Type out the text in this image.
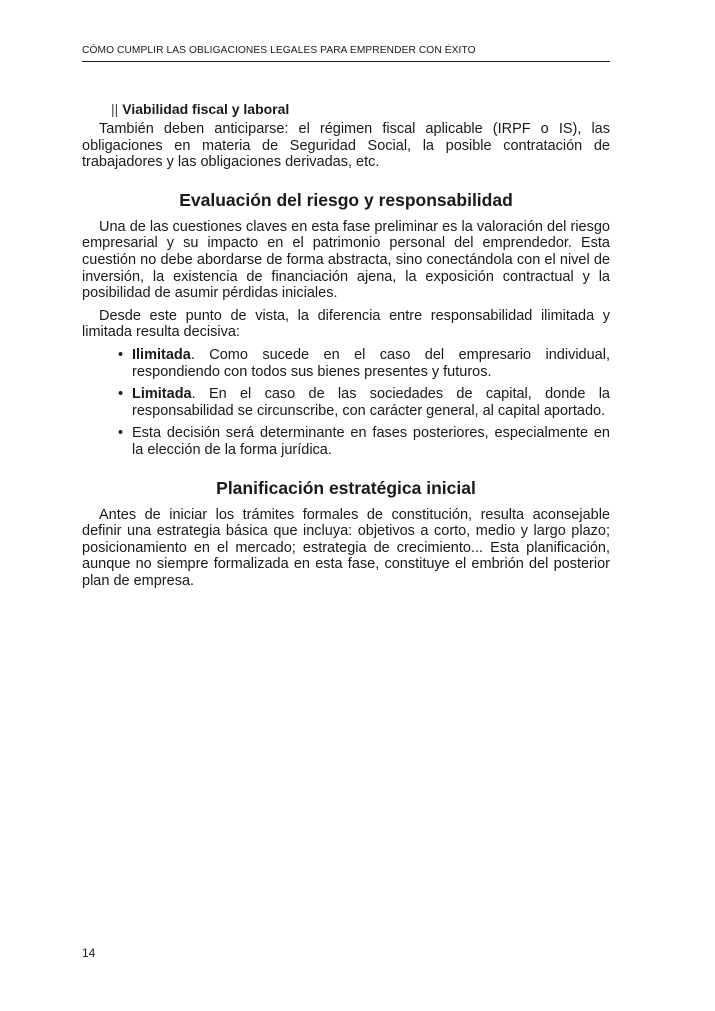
CÓMO CUMPLIR LAS OBLIGACIONES LEGALES PARA EMPRENDER CON ÉXITO
|| Viabilidad fiscal y laboral

También deben anticiparse: el régimen fiscal aplicable (IRPF o IS), las obligaciones en materia de Seguridad Social, la posible contratación de trabajadores y las obligaciones derivadas, etc.

Evaluación del riesgo y responsabilidad

Una de las cuestiones claves en esta fase preliminar es la valoración del riesgo empresarial y su impacto en el patrimonio personal del emprendedor. Esta cuestión no debe abordarse de forma abstracta, sino conectándola con el nivel de inversión, la existencia de financiación ajena, la exposición contractual y la posibilidad de asumir pérdidas iniciales.

Desde este punto de vista, la diferencia entre responsabilidad ilimitada y limitada resulta decisiva:

• Ilimitada. Como sucede en el caso del empresario individual, respondiendo con todos sus bienes presentes y futuros.
• Limitada. En el caso de las sociedades de capital, donde la responsabilidad se circunscribe, con carácter general, al capital aportado.
• Esta decisión será determinante en fases posteriores, especialmente en la elección de la forma jurídica.
Planificación estratégica inicial

Antes de iniciar los trámites formales de constitución, resulta aconsejable definir una estrategia básica que incluya: objetivos a corto, medio y largo plazo; posicionamiento en el mercado; estrategia de crecimiento... Esta planificación, aunque no siempre formalizada en esta fase, constituye el embrión del posterior plan de empresa.

14
